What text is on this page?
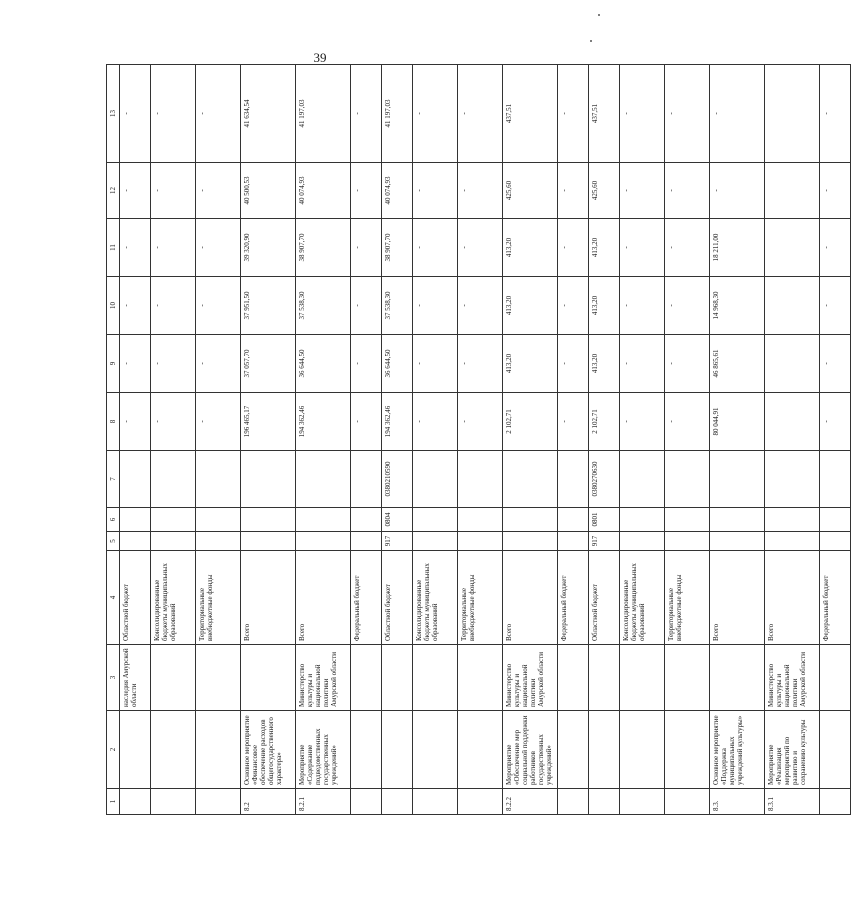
39
1	2	3	4	5	6	7	8	9	10	11	12	13
		наследия Амурской области	Областной бюджет				-	-	-	-	-	-
			Консолидированные бюджеты муниципальных образований				-	-	-	-	-	-
			Территориальные внебюджетные фонды				-	-	-	-	-	-
8.2	Основное мероприятие «Финансовое обеспечение расходов общегосударственного характера»		Всего				196 465,17	37 057,70	37 951,50	39 320,90	40 500,53	41 634,54
8.2.1	Мероприятие «Содержание подведомственных государственных учреждений»	Министерство культуры и национальной политики Амурской области	Всего				194 362,46	36 644,50	37 538,30	38 907,70	40 074,93	41 197,03
			Федеральный бюджет				-	-	-	-	-	-
			Областной бюджет	917	0804	0380210590	194 362,46	36 644,50	37 538,30	38 907,70	40 074,93	41 197,03
			Консолидированные бюджеты муниципальных образований				-	-	-	-	-	-
			Территориальные внебюджетные фонды				-	-	-	-	-	-
8.2.2	Мероприятие «Обеспечение мер социальной поддержки работников государственных учреждений»	Министерство культуры и национальной политики Амурской области	Всего				2 102,71	413,20	413,20	413,20	425,60	437,51
			Федеральный бюджет				-	-	-	-	-	-
			Областной бюджет	917	0801	0380270630	2 102,71	413,20	413,20	413,20	425,60	437,51
			Консолидированные бюджеты муниципальных образований				-	-	-	-	-	-
			Территориальные внебюджетные фонды				-	-	-	-	-	-
8.3.	Основное мероприятие «Поддержка муниципальных учреждений культуры»		Всего				80 044,91	46 865,61	14 968,30	18 211,00	-	-
8.3.1	Мероприятие «Реализация мероприятий по развитию и сохранению культуры	Министерство культуры и национальной политики Амурской области	Всего									
			Федеральный бюджет				-	-	-	-	-	-
